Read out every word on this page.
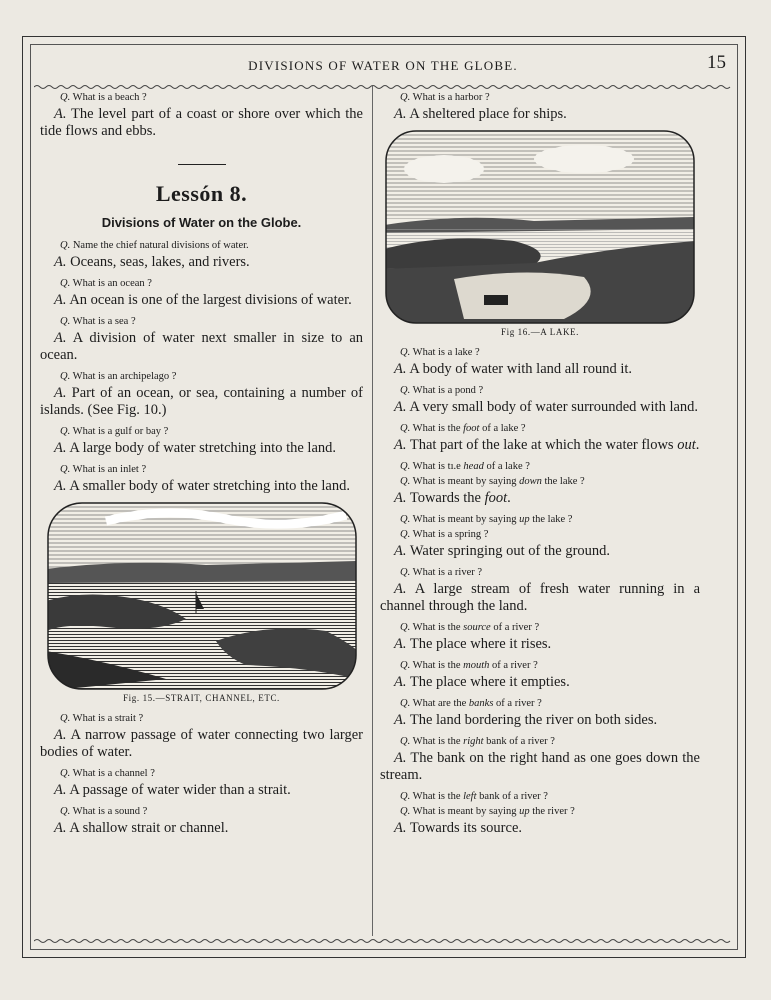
DIVISIONS OF WATER ON THE GLOBE.	15

Q. What is a beach ?

A. The level part of a coast or shore over which the tide flows and ebbs.

Lessón 8.
Divisions of Water on the Globe.

Q. Name the chief natural divisions of water.

A. Oceans, seas, lakes, and rivers.

Q. What is an ocean ?

A. An ocean is one of the largest divisions of water.

Q. What is a sea ?

A. A division of water next smaller in size to an ocean.

Q. What is an archipelago ?

A. Part of an ocean, or sea, containing a number of islands. (See Fig. 10.)

Q. What is a gulf or bay ?

A. A large body of water stretching into the land.

Q. What is an inlet ?

A. A smaller body of water stretching into the land.

Fig. 15.—STRAIT, CHANNEL, ETC.

Q. What is a strait ?

A. A narrow passage of water connecting two larger bodies of water.

Q. What is a channel ?

A. A passage of water wider than a strait.

Q. What is a sound ?

A. A shallow strait or channel.

Q. What is a harbor ?

A. A sheltered place for ships.

Fig 16.—A LAKE.

Q. What is a lake ?

A. A body of water with land all round it.

Q. What is a pond ?

A. A very small body of water surrounded with land.

Q. What is the foot of a lake ?

A. That part of the lake at which the water flows out.

Q. What is tı.e head of a lake ?

Q. What is meant by saying down the lake ?

A. Towards the foot.

Q. What is meant by saying up the lake ?

Q. What is a spring ?

A. Water springing out of the ground.

Q. What is a river ?

A. A large stream of fresh water running in a channel through the land.

Q. What is the source of a river ?

A. The place where it rises.

Q. What is the mouth of a river ?

A. The place where it empties.

Q. What are the banks of a river ?

A. The land bordering the river on both sides.

Q. What is the right bank of a river ?

A. The bank on the right hand as one goes down the stream.

Q. What is the left bank of a river ?

Q. What is meant by saying up the river ?

A. Towards its source.
